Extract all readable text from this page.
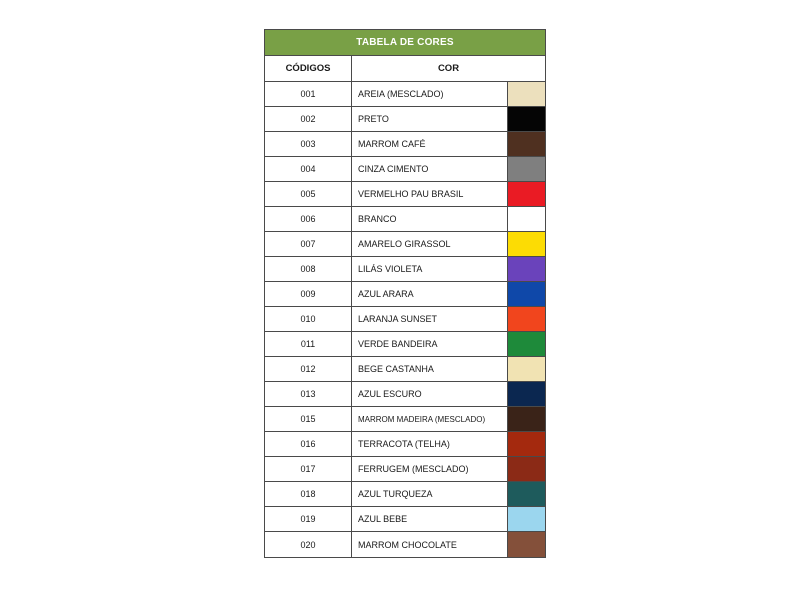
TABELA DE CORES
CÓDIGOS	COR
001	AREIA (MESCLADO)
002	PRETO
003	MARROM CAFÉ
004	CINZA CIMENTO
005	VERMELHO PAU BRASIL
006	BRANCO
007	AMARELO GIRASSOL
008	LILÁS VIOLETA
009	AZUL ARARA
010	LARANJA SUNSET
011	VERDE BANDEIRA
012	BEGE CASTANHA
013	AZUL ESCURO
015	MARROM MADEIRA (MESCLADO)
016	TERRACOTA (TELHA)
017	FERRUGEM (MESCLADO)
018	AZUL TURQUEZA
019	AZUL BEBE
020	MARROM CHOCOLATE
